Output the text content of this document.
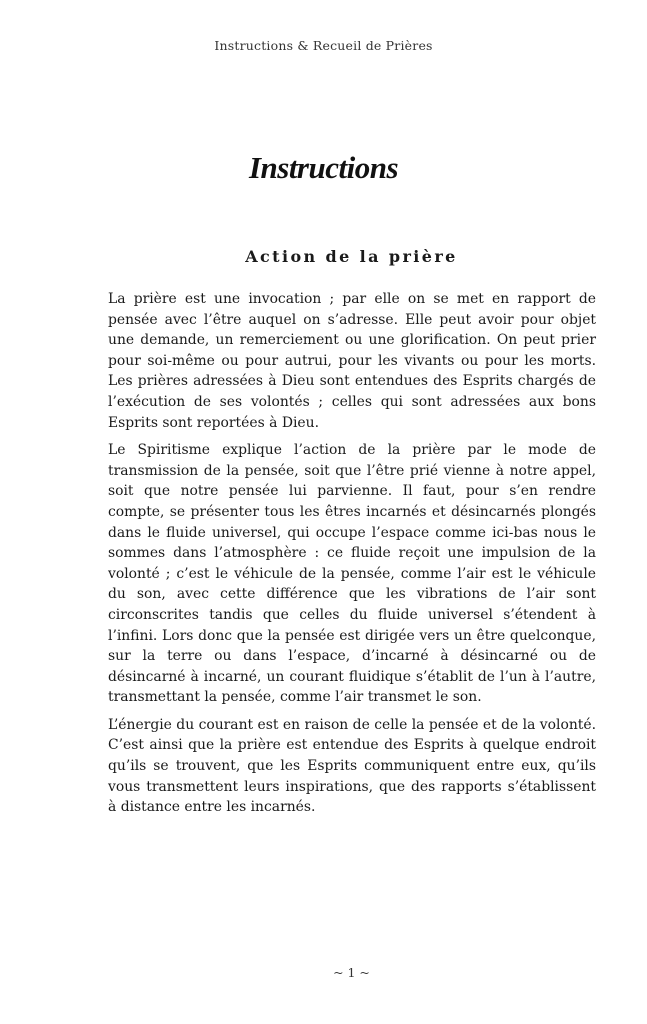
Instructions & Recueil de Prières
Instructions
Action de la prière

La prière est une invocation ; par elle on se met en rapport de pensée avec l’être auquel on s’adresse. Elle peut avoir pour objet une demande, un remerciement ou une glorification. On peut prier pour soi-même ou pour autrui, pour les vivants ou pour les morts. Les prières adressées à Dieu sont entendues des Esprits chargés de l’exécution de ses volontés ; celles qui sont adressées aux bons Esprits sont reportées à Dieu.

Le Spiritisme explique l’action de la prière par le mode de transmission de la pensée, soit que l’être prié vienne à notre appel, soit que notre pensée lui parvienne. Il faut, pour s’en rendre compte, se présenter tous les êtres incarnés et désincarnés plongés dans le fluide universel, qui occupe l’espace comme ici-bas nous le sommes dans l’atmosphère : ce fluide reçoit une impulsion de la volonté ; c’est le véhicule de la pensée, comme l’air est le véhicule du son, avec cette différence que les vibrations de l’air sont circonscrites tandis que celles du fluide universel s’étendent à l’infini. Lors donc que la pensée est dirigée vers un être quelconque, sur la terre ou dans l’espace, d’incarné à désincarné ou de désincarné à incarné, un courant fluidique s’établit de l’un à l’autre, transmettant la pensée, comme l’air transmet le son.

L’énergie du courant est en raison de celle la pensée et de la volonté. C’est ainsi que la prière est entendue des Esprits à quelque endroit qu’ils se trouvent, que les Esprits communiquent entre eux, qu’ils vous transmettent leurs inspirations, que des rapports s’établissent à distance entre les incarnés.

~ 1 ~
